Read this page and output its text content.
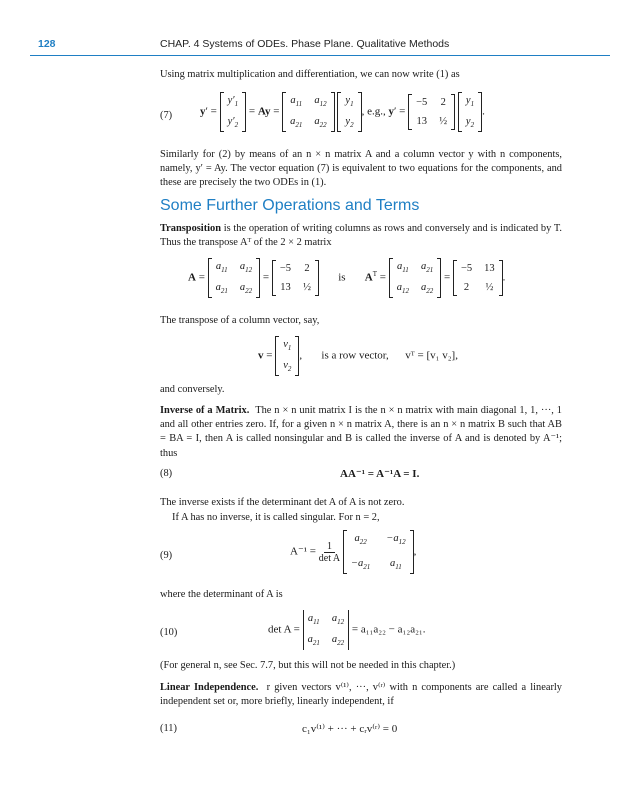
128	CHAP. 4 Systems of ODEs. Phase Plane. Qualitative Methods
Using matrix multiplication and differentiation, we can now write (1) as
(7)	y′ =
$y'_1$
$y'_2$
= Ay =
$a_{11}$ $a_{12}$
$a_{21}$ $a_{22}$

$y_1$
$y_2$
, e.g., y′ =
−5 2
13 ½

$y_1$
$y_2$
.
Similarly for (2) by means of an n × n matrix A and a column vector y with n components, namely, y′ = Ay. The vector equation (7) is equivalent to two equations for the components, and these are precisely the two ODEs in (1).
Some Further Operations and Terms
Transposition is the operation of writing columns as rows and conversely and is indicated by T. Thus the transpose Aᵀ of the 2 × 2 matrix
A =
$a_{11}$ $a_{12}$
$a_{21}$ $a_{22}$
=
−5 2
13 ½
is $A^T$ =
$a_{11}$ $a_{21}$
$a_{12}$ $a_{22}$
=
−5 13
2 ½
.
The transpose of a column vector, say,
v =
$v_1$
$v_2$
,       is a row vector, vᵀ = [v₁ v₂],
and conversely.
Inverse of a Matrix. The n × n unit matrix I is the n × n matrix with main diagonal 1, 1, ···, 1 and all other entries zero. If, for a given n × n matrix A, there is an n × n matrix B such that AB = BA = I, then A is called nonsingular and B is called the inverse of A and is denoted by A⁻¹; thus
(8)	AA⁻¹ = A⁻¹A = I.
The inverse exists if the determinant det A of A is not zero.
If A has no inverse, it is called singular. For n = 2,
(9)	$A^{-1} = \frac{1}{\text{det A}}$

$a_{22} -a_{12}$
$-a_{21}$ $a_{11}$
,
where the determinant of A is
(10)	det A =
$a_{11}$ $a_{12}$
$a_{21}$ $a_{22}$
= a₁₁a₂₂ − a₁₂a₂₁.
(For general n, see Sec. 7.7, but this will not be needed in this chapter.)
Linear Independence. r given vectors v⁽¹⁾, ···, v⁽ʳ⁾ with n components are called a linearly independent set or, more briefly, linearly independent, if
(11)	c₁v⁽¹⁾ + ··· + cᵣv⁽ʳ⁾ = 0
